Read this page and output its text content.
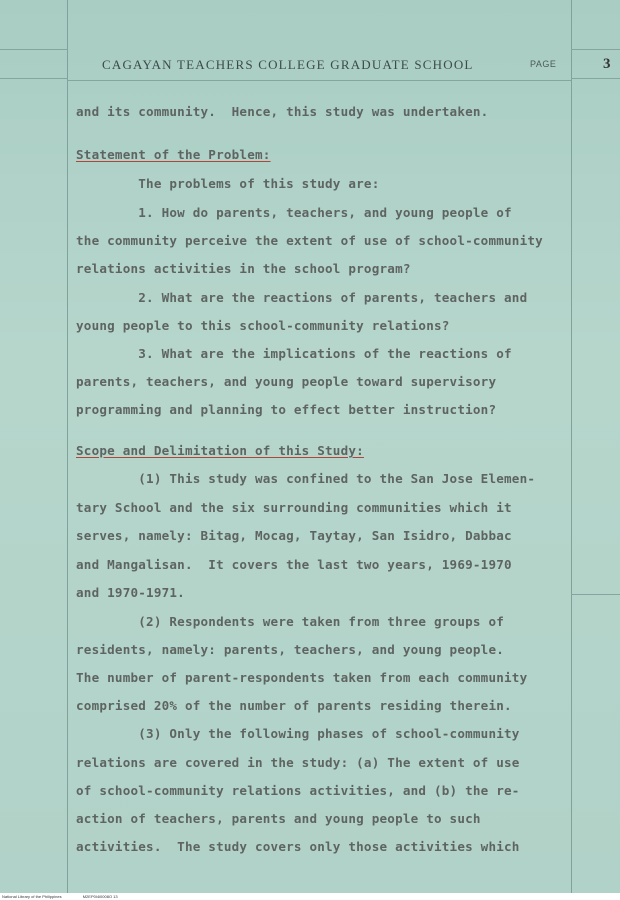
CAGAYAN TEACHERS COLLEGE GRADUATE SCHOOL	PAGE	3
and its community.  Hence, this study was undertaken.
Statement of the Problem:
The problems of this study are:
1. How do parents, teachers, and young people of
the community perceive the extent of use of school-community
relations activities in the school program?
2. What are the reactions of parents, teachers and
young people to this school-community relations?
3. What are the implications of the reactions of
parents, teachers, and young people toward supervisory
programming and planning to effect better instruction?
Scope and Delimitation of this Study:
(1) This study was confined to the San Jose Elemen-
tary School and the six surrounding communities which it
serves, namely: Bitag, Mocag, Taytay, San Isidro, Dabbac
and Mangalisan.  It covers the last two years, 1969-1970
and 1970-1971.
(2) Respondents were taken from three groups of
residents, namely: parents, teachers, and young people.
The number of parent-respondents taken from each community
comprised 20% of the number of parents residing therein.
(3) Only the following phases of school-community
relations are covered in the study: (a) The extent of use
of school-community relations activities, and (b) the re-
action of teachers, parents and young people to such
activities.  The study covers only those activities which
National Library of the Philippines	M2EP0I4i0008O 13
